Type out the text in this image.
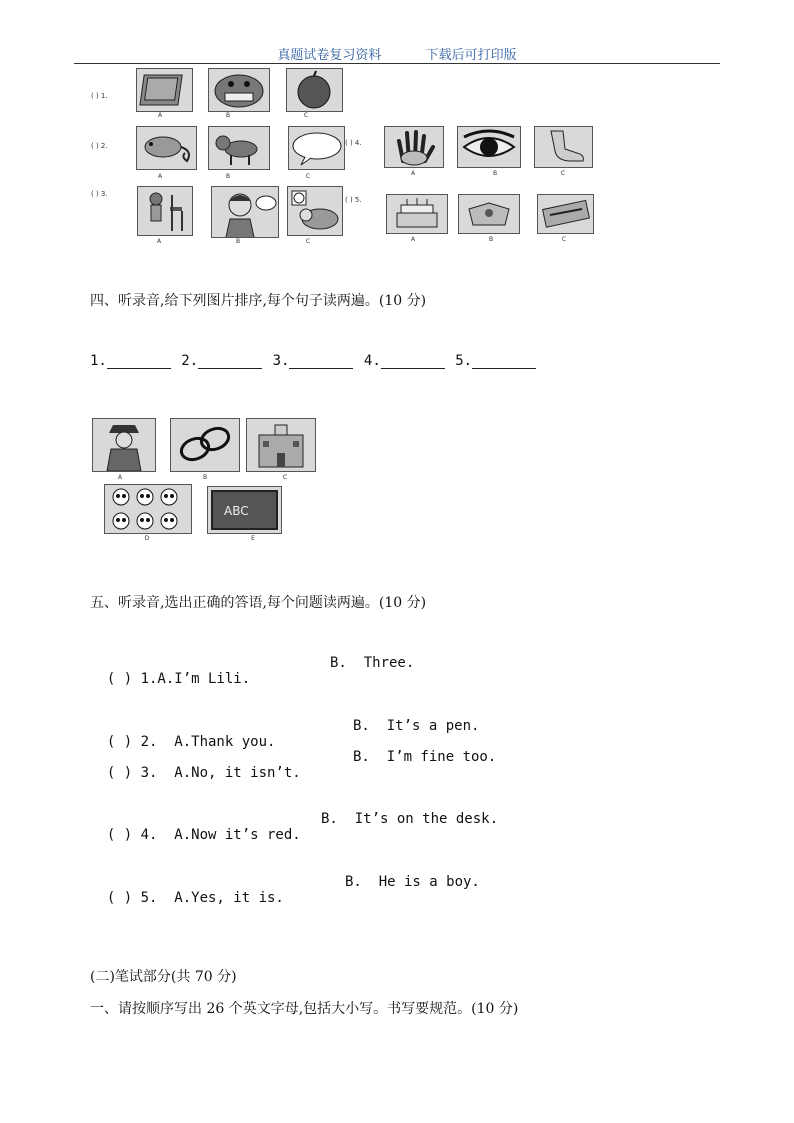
真题试卷复习资料	下载后可打印版
( ) 1.
A	B	C
( ) 2.
A	B	C
( ) 4.
A	B	C
( ) 3.
A	B	C
( ) 5.
A	B	C
四、听录音,给下列图片排序,每个句子读两遍。(10 分)
1.	2.	3.	4.	5.
A	B	C
D
ABC
E
五、听录音,选出正确的答语,每个问题读两遍。(10 分)

( ) 1.A.I’m Lili.

B.  Three.

( ) 2.  A.Thank you.

B.  It’s a pen.

( ) 3.  A.No, it isn’t.

B.  I’m fine too.

( ) 4.  A.Now it’s red.

B.  It’s on the desk.

( ) 5.  A.Yes, it is.

B.  He is a boy.

(二)笔试部分(共 70 分)
一、请按顺序写出 26 个英文字母,包括大小写。书写要规范。(10 分)
